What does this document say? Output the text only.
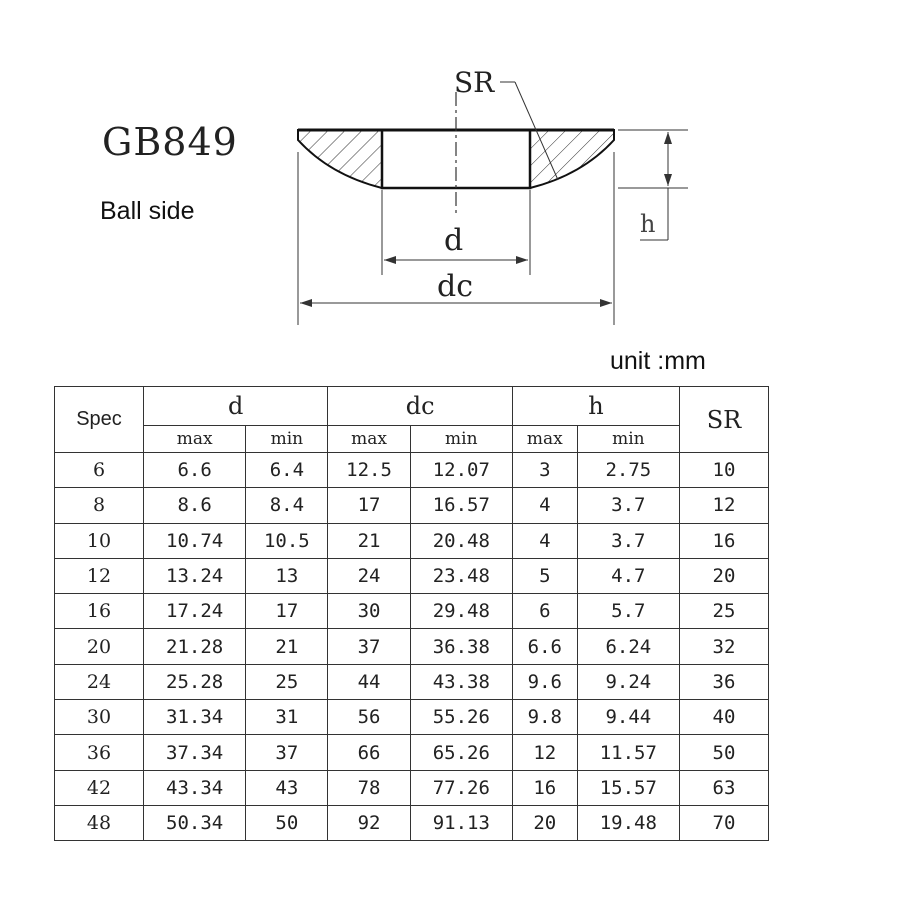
GB849
Ball side
SR
d
dc
h
unit :mm
Spec	d		dc		h		SR
	max	min	max	min	max	min	
6	6.6	6.4	12.5	12.07	3	2.75	10
8	8.6	8.4	17	16.57	4	3.7	12
10	10.74	10.5	21	20.48	4	3.7	16
12	13.24	13	24	23.48	5	4.7	20
16	17.24	17	30	29.48	6	5.7	25
20	21.28	21	37	36.38	6.6	6.24	32
24	25.28	25	44	43.38	9.6	9.24	36
30	31.34	31	56	55.26	9.8	9.44	40
36	37.34	37	66	65.26	12	11.57	50
42	43.34	43	78	77.26	16	15.57	63
48	50.34	50	92	91.13	20	19.48	70
